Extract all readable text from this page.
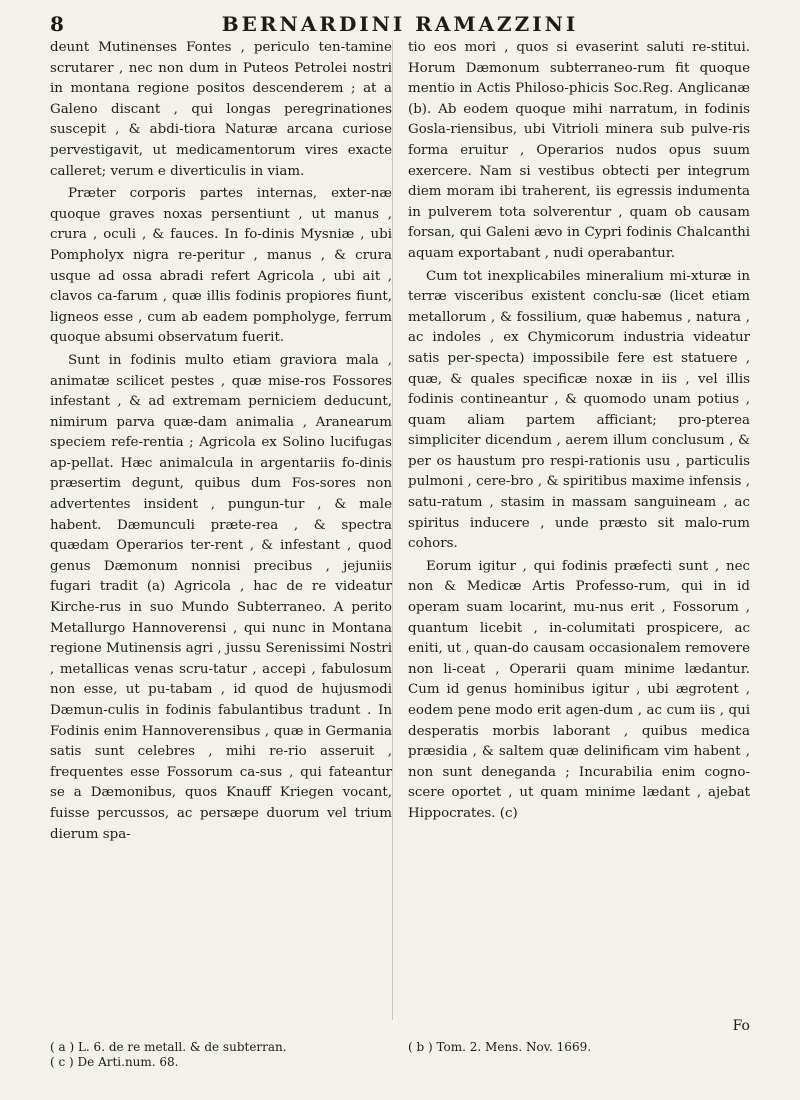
8	BERNARDINI RAMAZZINI

deunt Mutinenses Fontes , periculo ten-tamine scrutarer , nec non dum in Puteos Petrolei nostri in montana regione positos descenderem ; at a Galeno discant , qui longas peregrinationes suscepit , & abdi-tiora Naturæ arcana curiose pervestigavit, ut medicamentorum vires exacte calleret; verum e diverticulis in viam.

Præter corporis partes internas, exter-næ quoque graves noxas persentiunt , ut manus , crura , oculi , & fauces. In fo-dinis Mysniæ , ubi Pompholyx nigra re-peritur , manus , & crura usque ad ossa abradi refert Agricola , ubi ait , clavos ca-farum , quæ illis fodinis propiores fiunt, ligneos esse , cum ab eadem pompholyge, ferrum quoque absumi observatum fuerit.

Sunt in fodinis multo etiam graviora mala , animatæ scilicet pestes , quæ mise-ros Fossores infestant , & ad extremam perniciem deducunt, nimirum parva quæ-dam animalia , Aranearum speciem refe-rentia ; Agricola ex Solino lucifugas ap-pellat. Hæc animalcula in argentariis fo-dinis præsertim degunt, quibus dum Fos-sores non advertentes insident , pungun-tur , & male habent. Dæmunculi præte-rea , & spectra quædam Operarios ter-rent , & infestant , quod genus Dæmonum nonnisi precibus , jejuniis fugari tradit (a) Agricola , hac de re videatur Kirche-rus in suo Mundo Subterraneo. A perito Metallurgo Hannoverensi , qui nunc in Montana regione Mutinensis agri , jussu Serenissimi Nostri , metallicas venas scru-tatur , accepi , fabulosum non esse, ut pu-tabam , id quod de hujusmodi Dæmun-culis in fodinis fabulantibus tradunt . In Fodinis enim Hannoverensibus , quæ in Germania satis sunt celebres , mihi re-rio asseruit , frequentes esse Fossorum ca-sus , qui fateantur se a Dæmonibus, quos Knauff Kriegen vocant, fuisse percussos, ac persæpe duorum vel trium dierum spa-

tio eos mori , quos si evaserint saluti re-stitui. Horum Dæmonum subterraneo-rum fit quoque mentio in Actis Philoso-phicis Soc.Reg. Anglicanæ (b). Ab eodem quoque mihi narratum, in fodinis Gosla-riensibus, ubi Vitrioli minera sub pulve-ris forma eruitur , Operarios nudos opus suum exercere. Nam si vestibus obtecti per integrum diem moram ibi traherent, iis egressis indumenta in pulverem tota solverentur , quam ob causam forsan, qui Galeni ævo in Cypri fodinis Chalcanthi aquam exportabant , nudi operabantur.

Cum tot inexplicabiles mineralium mi-xturæ in terræ visceribus existent conclu-sæ (licet etiam metallorum , & fossilium, quæ habemus , natura , ac indoles , ex Chymicorum industria videatur satis per-specta) impossibile fere est statuere , quæ, & quales specificæ noxæ in iis , vel illis fodinis contineantur , & quomodo unam potius , quam aliam partem afficiant; pro-pterea simpliciter dicendum , aerem illum conclusum , & per os haustum pro respi-rationis usu , particulis pulmoni , cere-bro , & spiritibus maxime infensis , satu-ratum , stasim in massam sanguineam , ac spiritus inducere , unde præsto sit malo-rum cohors.

Eorum igitur , qui fodinis præfecti sunt , nec non & Medicæ Artis Professo-rum, qui in id operam suam locarint, mu-nus erit , Fossorum , quantum licebit , in-columitati prospicere, ac eniti, ut , quan-do causam occasionalem removere non li-ceat , Operarii quam minime lædantur. Cum id genus hominibus igitur , ubi ægrotent , eodem pene modo erit agen-dum , ac cum iis , qui desperatis morbis laborant , quibus medica præsidia , & saltem quæ delinificam vim habent , non sunt deneganda ; Incurabilia enim cogno-scere oportet , ut quam minime lædant , ajebat Hippocrates. (c)

Fo
( a ) L. 6. de re metall. & de subterran.
( c ) De Arti.num. 68.
( b ) Tom. 2. Mens. Nov. 1669.
